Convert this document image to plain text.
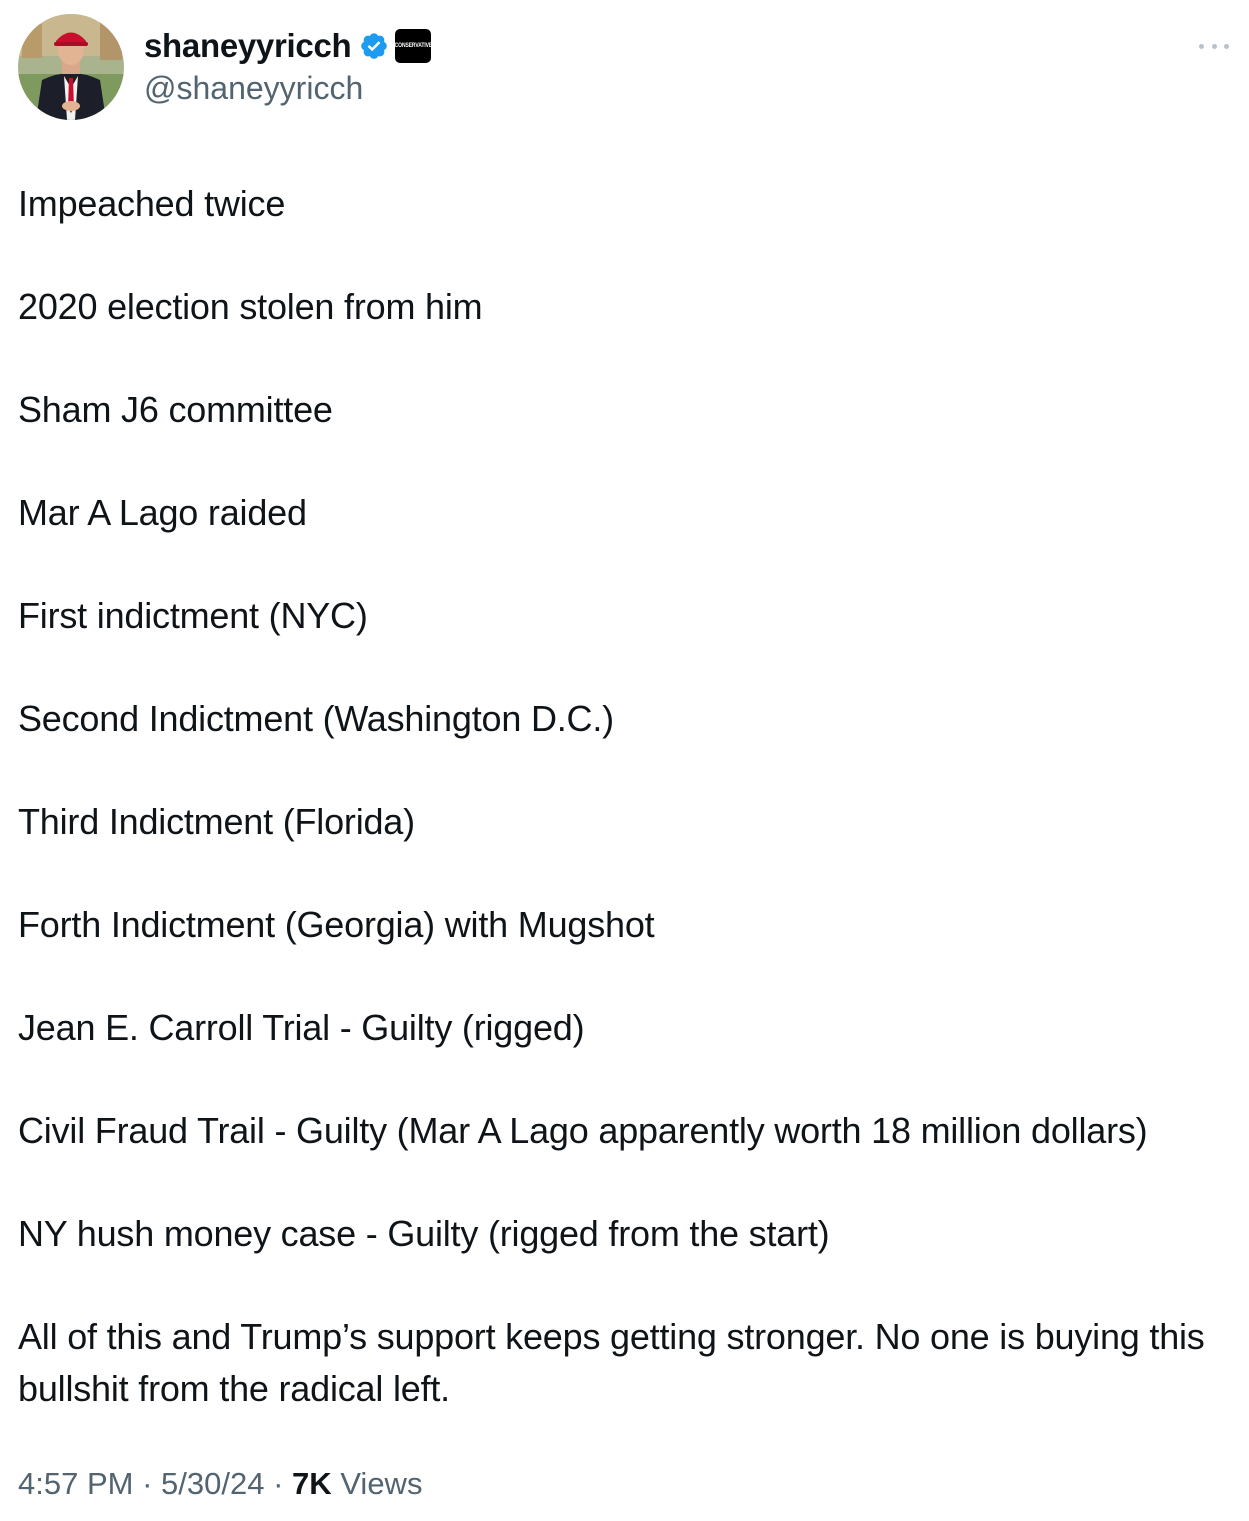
shaneyyricch	CONSERVATIVE
@shaneyyricch

Impeached twice

2020 election stolen from him

Sham J6 committee

Mar A Lago raided

First indictment (NYC)

Second Indictment (Washington D.C.)

Third Indictment (Florida)

Forth Indictment (Georgia) with Mugshot

Jean E. Carroll Trial - Guilty (rigged)

Civil Fraud Trail - Guilty (Mar A Lago apparently worth 18 million dollars)

NY hush money case - Guilty (rigged from the start)

All of this and Trump’s support keeps getting stronger. No one is buying this bullshit from the radical left.

4:57 PM · 5/30/24 · 7K Views
